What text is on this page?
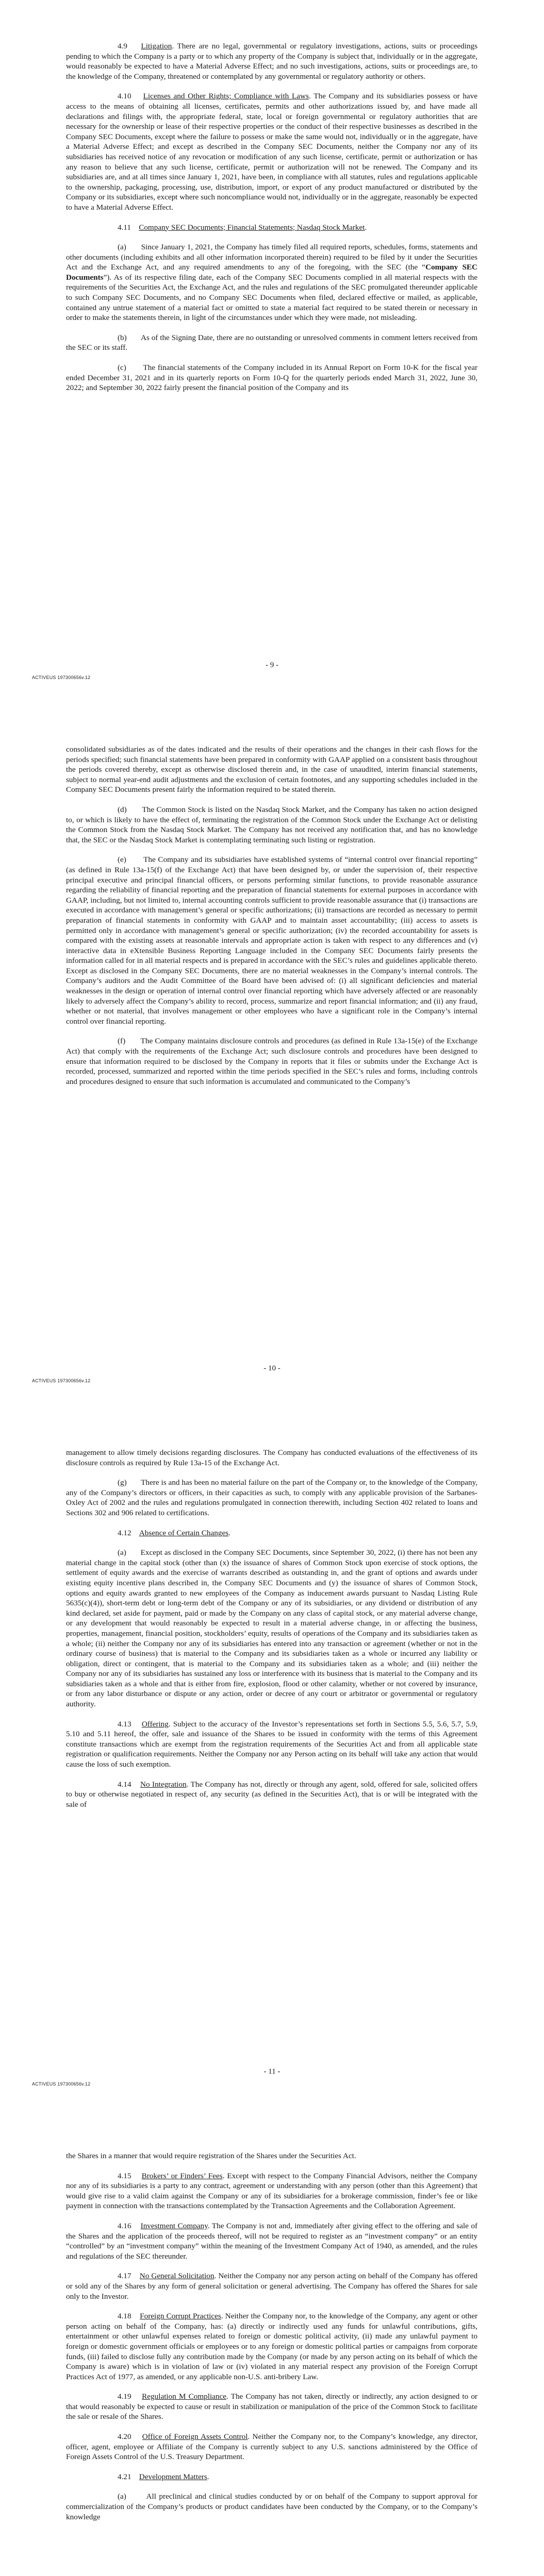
4.9 Litigation. There are no legal, governmental or regulatory investigations, actions, suits or proceedings pending to which the Company is a party or to which any property of the Company is subject that, individually or in the aggregate, would reasonably be expected to have a Material Adverse Effect; and no such investigations, actions, suits or proceedings are, to the knowledge of the Company, threatened or contemplated by any governmental or regulatory authority or others.

4.10 Licenses and Other Rights; Compliance with Laws. The Company and its subsidiaries possess or have access to the means of obtaining all licenses, certificates, permits and other authorizations issued by, and have made all declarations and filings with, the appropriate federal, state, local or foreign governmental or regulatory authorities that are necessary for the ownership or lease of their respective properties or the conduct of their respective businesses as described in the Company SEC Documents, except where the failure to possess or make the same would not, individually or in the aggregate, have a Material Adverse Effect; and except as described in the Company SEC Documents, neither the Company nor any of its subsidiaries has received notice of any revocation or modification of any such license, certificate, permit or authorization or has any reason to believe that any such license, certificate, permit or authorization will not be renewed. The Company and its subsidiaries are, and at all times since January 1, 2021, have been, in compliance with all statutes, rules and regulations applicable to the ownership, packaging, processing, use, distribution, import, or export of any product manufactured or distributed by the Company or its subsidiaries, except where such noncompliance would not, individually or in the aggregate, reasonably be expected to have a Material Adverse Effect.

4.11 Company SEC Documents; Financial Statements; Nasdaq Stock Market.

(a) Since January 1, 2021, the Company has timely filed all required reports, schedules, forms, statements and other documents (including exhibits and all other information incorporated therein) required to be filed by it under the Securities Act and the Exchange Act, and any required amendments to any of the foregoing, with the SEC (the “Company SEC Documents”). As of its respective filing date, each of the Company SEC Documents complied in all material respects with the requirements of the Securities Act, the Exchange Act, and the rules and regulations of the SEC promulgated thereunder applicable to such Company SEC Documents, and no Company SEC Documents when filed, declared effective or mailed, as applicable, contained any untrue statement of a material fact or omitted to state a material fact required to be stated therein or necessary in order to make the statements therein, in light of the circumstances under which they were made, not misleading.

(b) As of the Signing Date, there are no outstanding or unresolved comments in comment letters received from the SEC or its staff.

(c) The financial statements of the Company included in its Annual Report on Form 10-K for the fiscal year ended December 31, 2021 and in its quarterly reports on Form 10-Q for the quarterly periods ended March 31, 2022, June 30, 2022; and September 30, 2022 fairly present the financial position of the Company and its

- 9 -
ACTIVEUS 197300656v.12

consolidated subsidiaries as of the dates indicated and the results of their operations and the changes in their cash flows for the periods specified; such financial statements have been prepared in conformity with GAAP applied on a consistent basis throughout the periods covered thereby, except as otherwise disclosed therein and, in the case of unaudited, interim financial statements, subject to normal year-end audit adjustments and the exclusion of certain footnotes, and any supporting schedules included in the Company SEC Documents present fairly the information required to be stated therein.

(d) The Common Stock is listed on the Nasdaq Stock Market, and the Company has taken no action designed to, or which is likely to have the effect of, terminating the registration of the Common Stock under the Exchange Act or delisting the Common Stock from the Nasdaq Stock Market. The Company has not received any notification that, and has no knowledge that, the SEC or the Nasdaq Stock Market is contemplating terminating such listing or registration.

(e) The Company and its subsidiaries have established systems of “internal control over financial reporting” (as defined in Rule 13a-15(f) of the Exchange Act) that have been designed by, or under the supervision of, their respective principal executive and principal financial officers, or persons performing similar functions, to provide reasonable assurance regarding the reliability of financial reporting and the preparation of financial statements for external purposes in accordance with GAAP, including, but not limited to, internal accounting controls sufficient to provide reasonable assurance that (i) transactions are executed in accordance with management’s general or specific authorizations; (ii) transactions are recorded as necessary to permit preparation of financial statements in conformity with GAAP and to maintain asset accountability; (iii) access to assets is permitted only in accordance with management’s general or specific authorization; (iv) the recorded accountability for assets is compared with the existing assets at reasonable intervals and appropriate action is taken with respect to any differences and (v) interactive data in eXtensible Business Reporting Language included in the Company SEC Documents fairly presents the information called for in all material respects and is prepared in accordance with the SEC’s rules and guidelines applicable thereto. Except as disclosed in the Company SEC Documents, there are no material weaknesses in the Company’s internal controls. The Company’s auditors and the Audit Committee of the Board have been advised of: (i) all significant deficiencies and material weaknesses in the design or operation of internal control over financial reporting which have adversely affected or are reasonably likely to adversely affect the Company’s ability to record, process, summarize and report financial information; and (ii) any fraud, whether or not material, that involves management or other employees who have a significant role in the Company’s internal control over financial reporting.

(f) The Company maintains disclosure controls and procedures (as defined in Rule 13a-15(e) of the Exchange Act) that comply with the requirements of the Exchange Act; such disclosure controls and procedures have been designed to ensure that information required to be disclosed by the Company in reports that it files or submits under the Exchange Act is recorded, processed, summarized and reported within the time periods specified in the SEC’s rules and forms, including controls and procedures designed to ensure that such information is accumulated and communicated to the Company’s

- 10 -
ACTIVEUS 197300656v.12

management to allow timely decisions regarding disclosures. The Company has conducted evaluations of the effectiveness of its disclosure controls as required by Rule 13a-15 of the Exchange Act.

(g) There is and has been no material failure on the part of the Company or, to the knowledge of the Company, any of the Company’s directors or officers, in their capacities as such, to comply with any applicable provision of the Sarbanes-Oxley Act of 2002 and the rules and regulations promulgated in connection therewith, including Section 402 related to loans and Sections 302 and 906 related to certifications.

4.12 Absence of Certain Changes.

(a) Except as disclosed in the Company SEC Documents, since September 30, 2022, (i) there has not been any material change in the capital stock (other than (x) the issuance of shares of Common Stock upon exercise of stock options, the settlement of equity awards and the exercise of warrants described as outstanding in, and the grant of options and awards under existing equity incentive plans described in, the Company SEC Documents and (y) the issuance of shares of Common Stock, options and equity awards granted to new employees of the Company as inducement awards pursuant to Nasdaq Listing Rule 5635(c)(4)), short-term debt or long-term debt of the Company or any of its subsidiaries, or any dividend or distribution of any kind declared, set aside for payment, paid or made by the Company on any class of capital stock, or any material adverse change, or any development that would reasonably be expected to result in a material adverse change, in or affecting the business, properties, management, financial position, stockholders’ equity, results of operations of the Company and its subsidiaries taken as a whole; (ii) neither the Company nor any of its subsidiaries has entered into any transaction or agreement (whether or not in the ordinary course of business) that is material to the Company and its subsidiaries taken as a whole or incurred any liability or obligation, direct or contingent, that is material to the Company and its subsidiaries taken as a whole; and (iii) neither the Company nor any of its subsidiaries has sustained any loss or interference with its business that is material to the Company and its subsidiaries taken as a whole and that is either from fire, explosion, flood or other calamity, whether or not covered by insurance, or from any labor disturbance or dispute or any action, order or decree of any court or arbitrator or governmental or regulatory authority.

4.13 Offering. Subject to the accuracy of the Investor’s representations set forth in Sections 5.5, 5.6, 5.7, 5.9, 5.10 and 5.11 hereof, the offer, sale and issuance of the Shares to be issued in conformity with the terms of this Agreement constitute transactions which are exempt from the registration requirements of the Securities Act and from all applicable state registration or qualification requirements. Neither the Company nor any Person acting on its behalf will take any action that would cause the loss of such exemption.

4.14 No Integration. The Company has not, directly or through any agent, sold, offered for sale, solicited offers to buy or otherwise negotiated in respect of, any security (as defined in the Securities Act), that is or will be integrated with the sale of

- 11 -
ACTIVEUS 197300656v.12

the Shares in a manner that would require registration of the Shares under the Securities Act.

4.15 Brokers’ or Finders’ Fees. Except with respect to the Company Financial Advisors, neither the Company nor any of its subsidiaries is a party to any contract, agreement or understanding with any person (other than this Agreement) that would give rise to a valid claim against the Company or any of its subsidiaries for a brokerage commission, finder’s fee or like payment in connection with the transactions contemplated by the Transaction Agreements and the Collaboration Agreement.

4.16 Investment Company. The Company is not and, immediately after giving effect to the offering and sale of the Shares and the application of the proceeds thereof, will not be required to register as an “investment company” or an entity “controlled” by an “investment company” within the meaning of the Investment Company Act of 1940, as amended, and the rules and regulations of the SEC thereunder.

4.17 No General Solicitation. Neither the Company nor any person acting on behalf of the Company has offered or sold any of the Shares by any form of general solicitation or general advertising. The Company has offered the Shares for sale only to the Investor.

4.18 Foreign Corrupt Practices. Neither the Company nor, to the knowledge of the Company, any agent or other person acting on behalf of the Company, has: (a) directly or indirectly used any funds for unlawful contributions, gifts, entertainment or other unlawful expenses related to foreign or domestic political activity, (ii) made any unlawful payment to foreign or domestic government officials or employees or to any foreign or domestic political parties or campaigns from corporate funds, (iii) failed to disclose fully any contribution made by the Company (or made by any person acting on its behalf of which the Company is aware) which is in violation of law or (iv) violated in any material respect any provision of the Foreign Corrupt Practices Act of 1977, as amended, or any applicable non-U.S. anti-bribery Law.

4.19 Regulation M Compliance. The Company has not taken, directly or indirectly, any action designed to or that would reasonably be expected to cause or result in stabilization or manipulation of the price of the Common Stock to facilitate the sale or resale of the Shares.

4.20 Office of Foreign Assets Control. Neither the Company nor, to the Company’s knowledge, any director, officer, agent, employee or Affiliate of the Company is currently subject to any U.S. sanctions administered by the Office of Foreign Assets Control of the U.S. Treasury Department.

4.21 Development Matters.

(a)	All preclinical and clinical studies conducted by or on behalf of the Company to support approval for commercialization of the Company’s products or product candidates have been conducted by the Company, or to the Company’s knowledge
